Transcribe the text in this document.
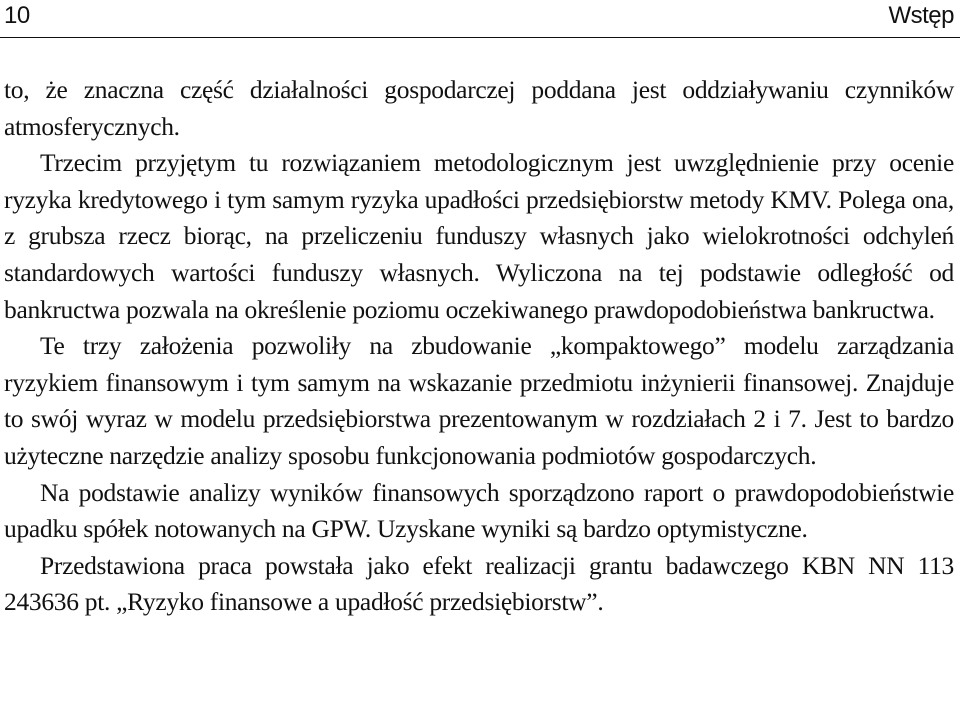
10	Wstęp

to, że znaczna część działalności gospodarczej poddana jest oddziaływaniu czynników atmosferycznych.

Trzecim przyjętym tu rozwiązaniem metodologicznym jest uwzględnienie przy ocenie ryzyka kredytowego i tym samym ryzyka upadłości przedsiębiorstw metody KMV. Polega ona, z grubsza rzecz biorąc, na przeliczeniu funduszy własnych jako wielokrotności odchyleń standardowych wartości funduszy własnych. Wyliczona na tej podstawie odległość od bankructwa pozwala na określenie poziomu oczekiwanego prawdopodobieństwa bankructwa.

Te trzy założenia pozwoliły na zbudowanie „kompaktowego” modelu zarządzania ryzykiem finansowym i tym samym na wskazanie przedmiotu inżynierii finansowej. Znajduje to swój wyraz w modelu przedsiębiorstwa prezentowanym w rozdziałach 2 i 7. Jest to bardzo użyteczne narzędzie analizy sposobu funkcjonowania podmiotów gospodarczych.

Na podstawie analizy wyników finansowych sporządzono raport o prawdopodobieństwie upadku spółek notowanych na GPW. Uzyskane wyniki są bardzo optymistyczne.

Przedstawiona praca powstała jako efekt realizacji grantu badawczego KBN NN 113 243636 pt. „Ryzyko finansowe a upadłość przedsiębiorstw”.
